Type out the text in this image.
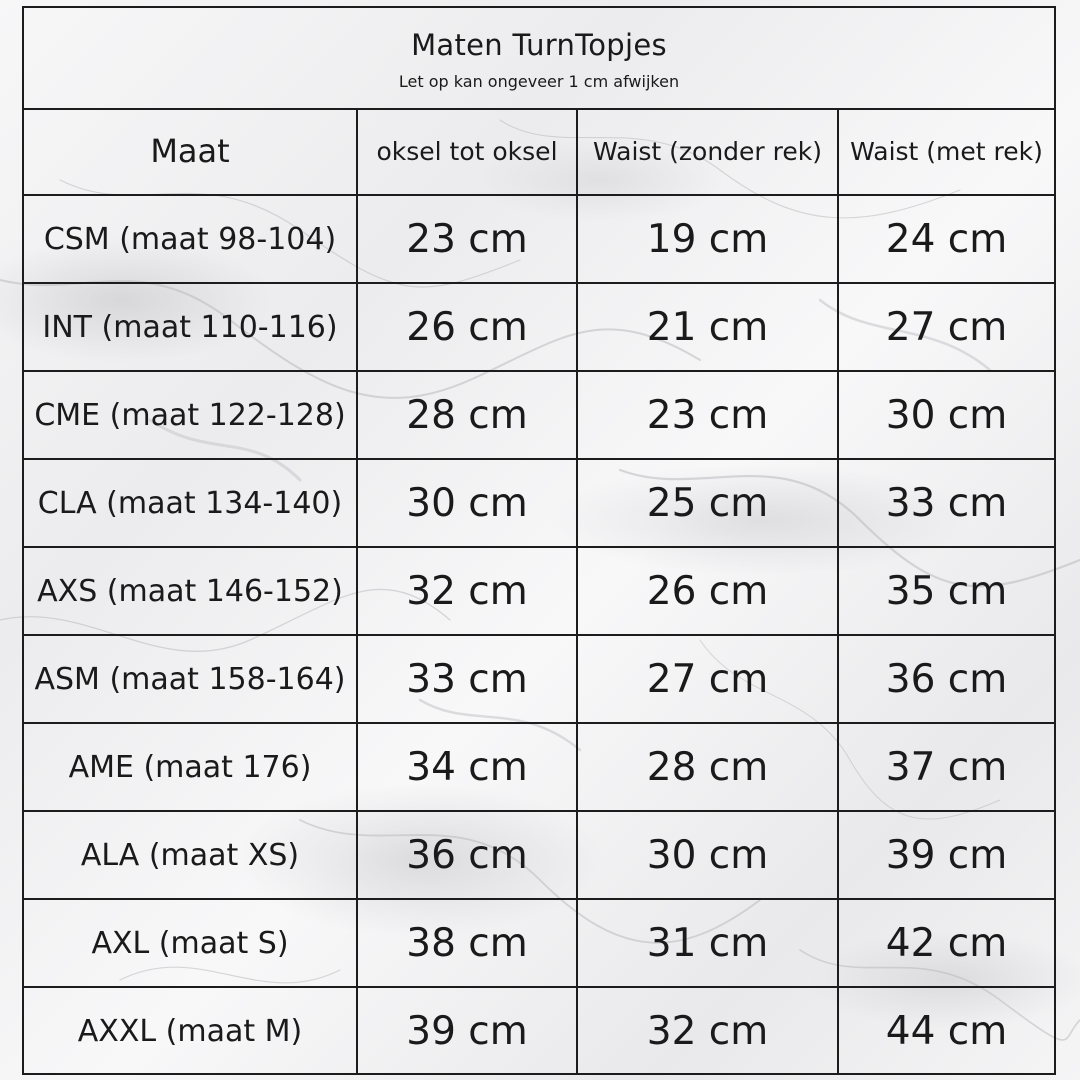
Maten TurnTopjes
Let op kan ongeveer 1 cm afwijken
Maat	oksel tot oksel	Waist (zonder rek)	Waist (met rek)
CSM (maat 98-104)	23 cm	19 cm	24 cm
INT (maat 110-116)	26 cm	21 cm	27 cm
CME (maat 122-128)	28 cm	23 cm	30 cm
CLA (maat 134-140)	30 cm	25 cm	33 cm
AXS (maat 146-152)	32 cm	26 cm	35 cm
ASM (maat 158-164)	33 cm	27 cm	36 cm
AME (maat 176)	34 cm	28 cm	37 cm
ALA (maat XS)	36 cm	30 cm	39 cm
AXL (maat S)	38 cm	31 cm	42 cm
AXXL (maat M)	39 cm	32 cm	44 cm
